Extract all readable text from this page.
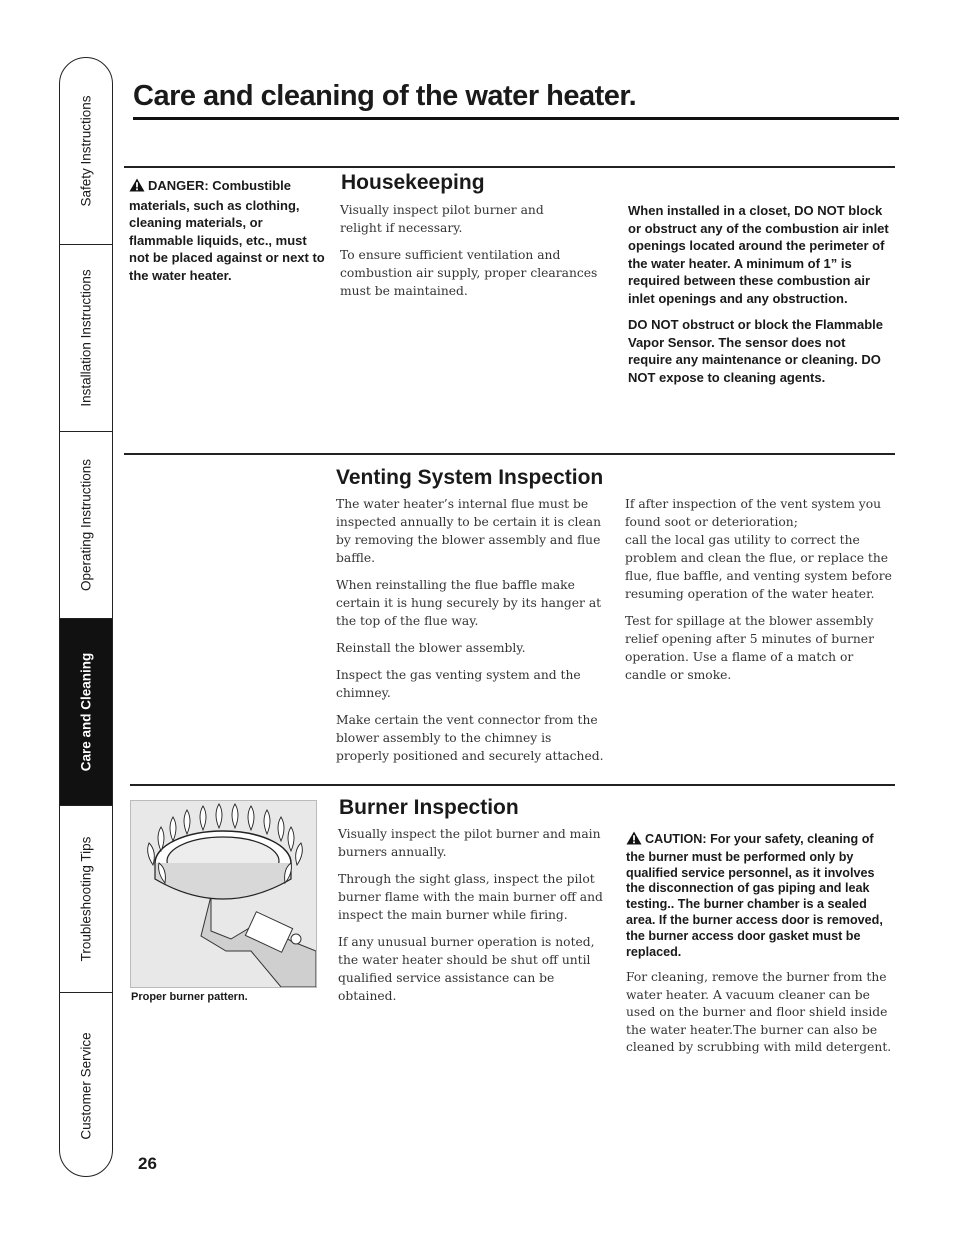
Safety Instructions
Installation Instructions
Operating Instructions
Care and Cleaning
Troubleshooting Tips
Customer Service
Care and cleaning of the water heater.
DANGER: Combustible materials, such as clothing, cleaning materials, or flammable liquids, etc., must not be placed against or next to the water heater.
Housekeeping

Visually inspect pilot burner and relight if necessary.

To ensure sufficient ventilation and combustion air supply, proper clearances must be maintained.

When installed in a closet, DO NOT block or obstruct any of the combustion air inlet openings located around the perimeter of the water heater. A minimum of 1” is required between these combustion air inlet openings and any obstruction.

DO NOT obstruct or block the Flammable Vapor Sensor. The sensor does not require any maintenance or cleaning. DO NOT expose to cleaning agents.

Venting System Inspection

The water heater’s internal flue must be inspected annually to be certain it is clean by removing the blower assembly and flue baffle.

When reinstalling the flue baffle make certain it is hung securely by its hanger at the top of the flue way.

Reinstall the blower assembly.

Inspect the gas venting system and the chimney.

Make certain the vent connector from the blower assembly to the chimney is properly positioned and securely attached.

If after inspection of the vent system you found soot or deterioration;

call the local gas utility to correct the problem and clean the flue, or replace the flue, flue baffle, and venting system before resuming operation of the water heater.

Test for spillage at the blower assembly relief opening after 5 minutes of burner operation. Use a flame of a match or candle or smoke.

Proper burner pattern.
Burner Inspection

Visually inspect the pilot burner and main burners annually.

Through the sight glass, inspect the pilot burner flame with the main burner off and inspect the main burner while firing.

If any unusual burner operation is noted, the water heater should be shut off until qualified service assistance can be obtained.

CAUTION: For your safety, cleaning of the burner must be performed only by qualified service personnel, as it involves the disconnection of gas piping and leak testing.. The burner chamber is a sealed area. If the burner access door is removed, the burner access door gasket must be replaced.
For cleaning, remove the burner from the water heater. A vacuum cleaner can be used on the burner and floor shield inside the water heater.The burner can also be cleaned by scrubbing with mild detergent.
26
